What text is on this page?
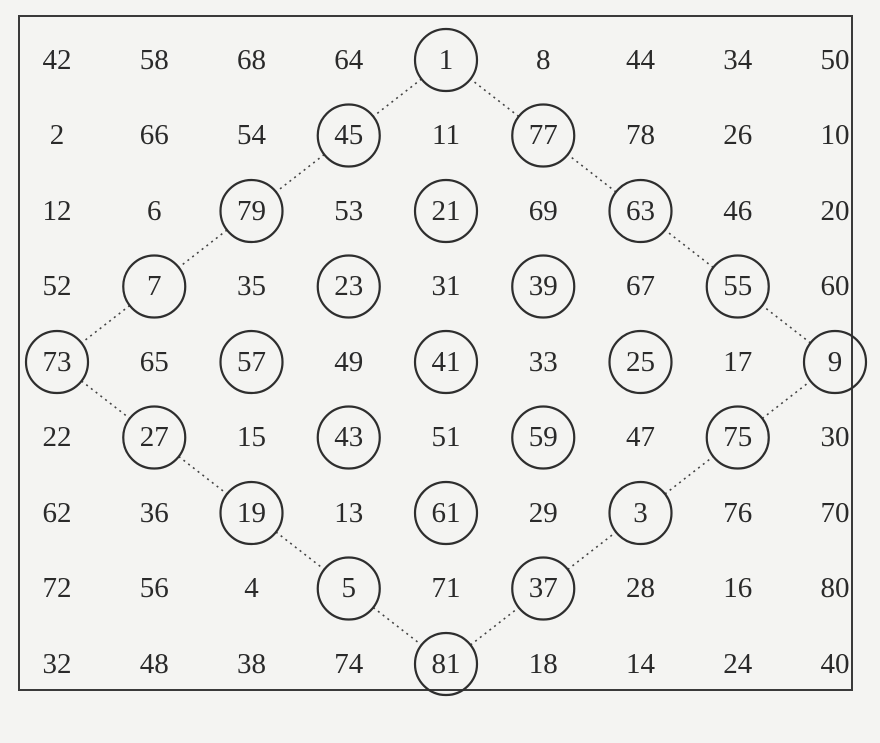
42	58	68	64	1	8	44	34	50
2	66	54	45	11	77	78	26	10
12	6	79	53	21	69	63	46	20
52	7	35	23	31	39	67	55	60
73	65	57	49	41	33	25	17	9
22	27	15	43	51	59	47	75	30
62	36	19	13	61	29	3	76	70
72	56	4	5	71	37	28	16	80
32	48	38	74	81	18	14	24	40
